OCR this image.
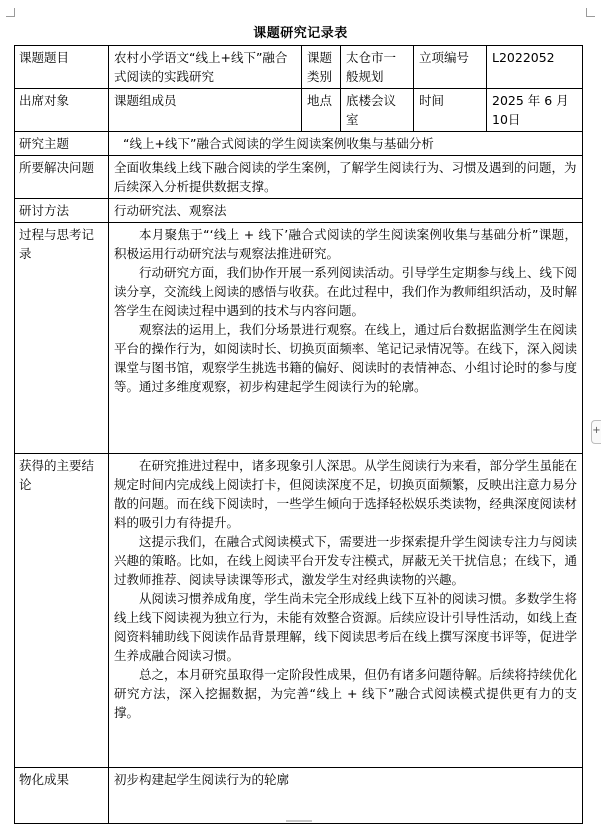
+
课题研究记录表
课题题目	农村小学语文“线上+线下”融合式阅读的实践研究	课题类别	太仓市一般规划	立项编号	L2022052
出席对象	课题组成员	地点	底楼会议室	时间	2025 年 6 月 10日
研究主题	“线上+线下”融合式阅读的学生阅读案例收集与基础分析				
所要解决问题	全面收集线上线下融合阅读的学生案例，了解学生阅读行为、习惯及遇到的问题，为后续深入分析提供数据支撑。				
研讨方法	行动研究法、观察法				
过程与思考记录	本月聚焦于“‘线上 + 线下’融合式阅读的学生阅读案例收集与基础分析”课题，积极运用行动研究法与观察法推进研究。

行动研究方面，我们协作开展一系列阅读活动。引导学生定期参与线上、线下阅读分享，交流线上阅读的感悟与收获。在此过程中，我们作为教师组织活动，及时解答学生在阅读过程中遇到的技术与内容问题。

观察法的运用上，我们分场景进行观察。在线上，通过后台数据监测学生在阅读平台的操作行为，如阅读时长、切换页面频率、笔记记录情况等。在线下，深入阅读课堂与图书馆，观察学生挑选书籍的偏好、阅读时的表情神态、小组讨论时的参与度等。通过多维度观察，初步构建起学生阅读行为的轮廓。				

获得的主要结论	在研究推进过程中，诸多现象引人深思。从学生阅读行为来看，部分学生虽能在规定时间内完成线上阅读打卡，但阅读深度不足，切换页面频繁，反映出注意力易分散的问题。而在线下阅读时，一些学生倾向于选择轻松娱乐类读物，经典深度阅读材料的吸引力有待提升。

这提示我们，在融合式阅读模式下，需要进一步探索提升学生阅读专注力与阅读兴趣的策略。比如，在线上阅读平台开发专注模式，屏蔽无关干扰信息；在线下，通过教师推荐、阅读导读课等形式，激发学生对经典读物的兴趣。

从阅读习惯养成角度，学生尚未完全形成线上线下互补的阅读习惯。多数学生将线上线下阅读视为独立行为，未能有效整合资源。后续应设计引导性活动，如线上查阅资料辅助线下阅读作品背景理解，线下阅读思考后在线上撰写深度书评等，促进学生养成融合阅读习惯。

总之，本月研究虽取得一定阶段性成果，但仍有诸多问题待解。后续将持续优化研究方法，深入挖掘数据，为完善“线上 + 线下”融合式阅读模式提供更有力的支撑。				

物化成果	初步构建起学生阅读行为的轮廓				
